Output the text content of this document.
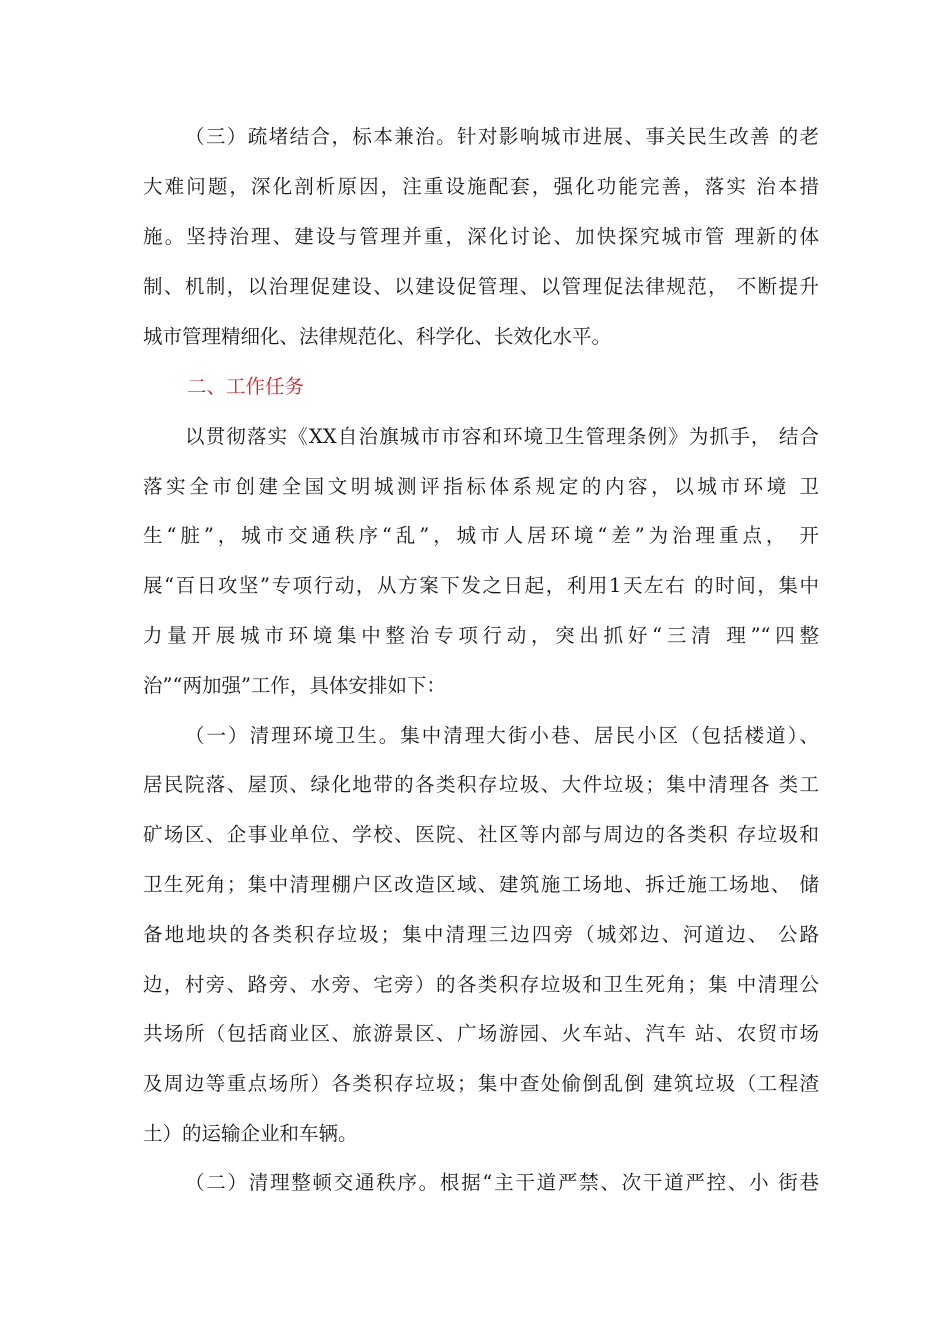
（三）疏堵结合，标本兼治。针对影响城市进展、事关民生改善 的老
大难问题，深化剖析原因，注重设施配套，强化功能完善，落实 治本措
施。坚持治理、建设与管理并重，深化讨论、加快探究城市管 理新的体
制、机制，以治理促建设、以建设促管理、以管理促法律规范， 不断提升
城市管理精细化、法律规范化、科学化、长效化水平。
二、工作任务
以贯彻落实《XX自治旗城市市容和环境卫生管理条例》为抓手， 结合
落实全市创建全国文明城测评指标体系规定的内容，以城市环境 卫
生“脏”，城市交通秩序“乱”，城市人居环境“差”为治理重点， 开
展“百日攻坚”专项行动，从方案下发之日起，利用1天左右 的时间，集中
力量开展城市环境集中整治专项行动，突出抓好“三清 理”“四整
治”“两加强”工作，具体安排如下：
（一）清理环境卫生。集中清理大街小巷、居民小区（包括楼道）、
居民院落、屋顶、绿化地带的各类积存垃圾、大件垃圾；集中清理各 类工
矿场区、企事业单位、学校、医院、社区等内部与周边的各类积 存垃圾和
卫生死角；集中清理棚户区改造区域、建筑施工场地、拆迁施工场地、 储
备地地块的各类积存垃圾；集中清理三边四旁（城郊边、河道边、 公路
边，村旁、路旁、水旁、宅旁）的各类积存垃圾和卫生死角；集 中清理公
共场所（包括商业区、旅游景区、广场游园、火车站、汽车 站、农贸市场
及周边等重点场所）各类积存垃圾；集中查处偷倒乱倒 建筑垃圾（工程渣
土）的运输企业和车辆。
（二）清理整顿交通秩序。根据“主干道严禁、次干道严控、小 街巷
